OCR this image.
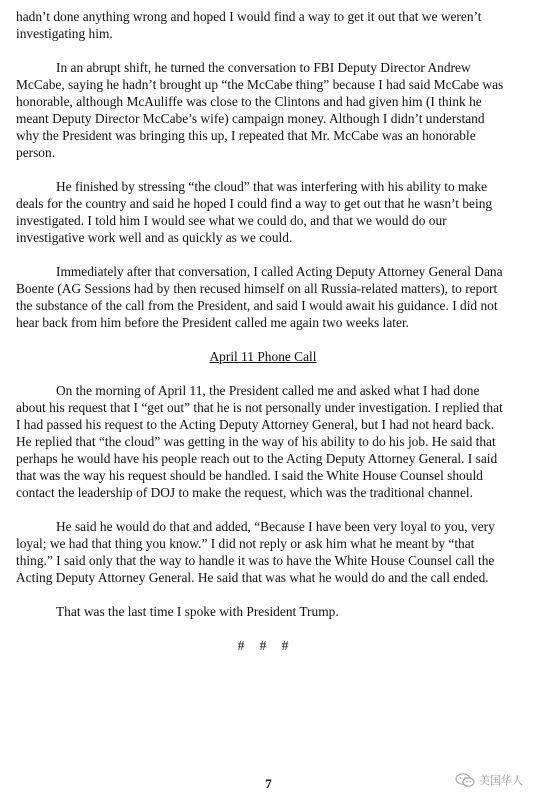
hadn’t done anything wrong and hoped I would find a way to get it out that we weren’t investigating him.

In an abrupt shift, he turned the conversation to FBI Deputy Director Andrew McCabe, saying he hadn’t brought up “the McCabe thing” because I had said McCabe was honorable, although McAuliffe was close to the Clintons and had given him (I think he meant Deputy Director McCabe’s wife) campaign money. Although I didn’t understand why the President was bringing this up, I repeated that Mr. McCabe was an honorable person.

He finished by stressing “the cloud” that was interfering with his ability to make deals for the country and said he hoped I could find a way to get out that he wasn’t being investigated. I told him I would see what we could do, and that we would do our investigative work well and as quickly as we could.

Immediately after that conversation, I called Acting Deputy Attorney General Dana Boente (AG Sessions had by then recused himself on all Russia-related matters), to report the substance of the call from the President, and said I would await his guidance. I did not hear back from him before the President called me again two weeks later.

April 11 Phone Call

On the morning of April 11, the President called me and asked what I had done about his request that I “get out” that he is not personally under investigation. I replied that I had passed his request to the Acting Deputy Attorney General, but I had not heard back. He replied that “the cloud” was getting in the way of his ability to do his job. He said that perhaps he would have his people reach out to the Acting Deputy Attorney General. I said that was the way his request should be handled. I said the White House Counsel should contact the leadership of DOJ to make the request, which was the traditional channel.

He said he would do that and added, “Because I have been very loyal to you, very loyal; we had that thing you know.” I did not reply or ask him what he meant by “that thing.” I said only that the way to handle it was to have the White House Counsel call the Acting Deputy Attorney General. He said that was what he would do and the call ended.

That was the last time I spoke with President Trump.

# # #

7	美国华人
